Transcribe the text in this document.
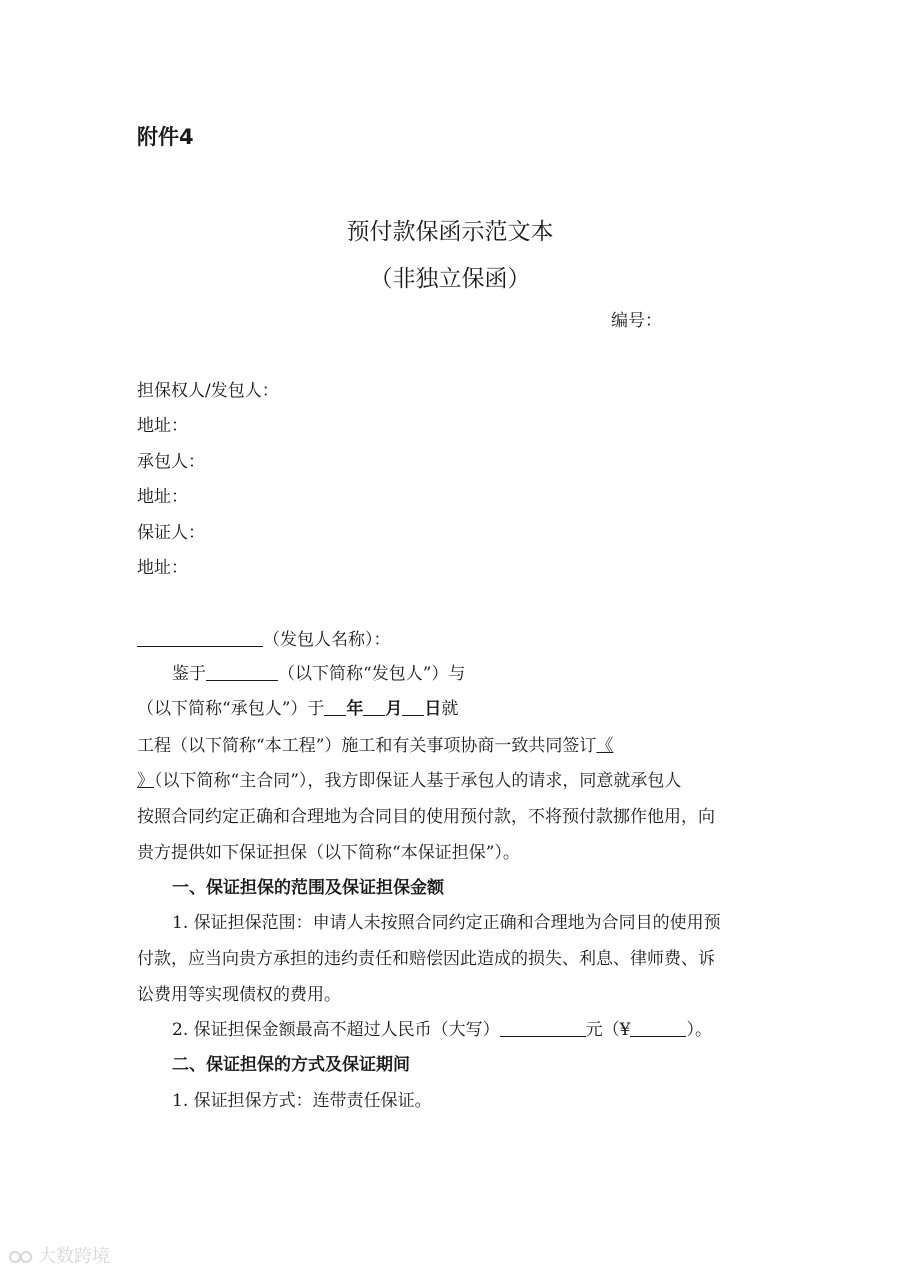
附件4
预付款保函示范文本
（非独立保函）
编号：
担保权人/发包人：
地址：
承包人：
地址：
保证人：
地址：
（发包人名称）：
鉴于	（以下简称“发包人”）与
（以下简称“承包人”）于 年 月 日就
工程（以下简称“本工程”）施工和有关事项协商一致共同签订《
》（以下简称“主合同”），我方即保证人基于承包人的请求，同意就承包人
按照合同约定正确和合理地为合同目的使用预付款，不将预付款挪作他用，向
贵方提供如下保证担保（以下简称“本保证担保”）。
一、保证担保的范围及保证担保金额
1. 保证担保范围：申请人未按照合同约定正确和合理地为合同目的使用预
付款，应当向贵方承担的违约责任和赔偿因此造成的损失、利息、律师费、诉
讼费用等实现债权的费用。
2. 保证担保金额最高不超过人民币（大写）	元（¥	）。
二、保证担保的方式及保证期间
1. 保证担保方式：连带责任保证。
大数跨境
